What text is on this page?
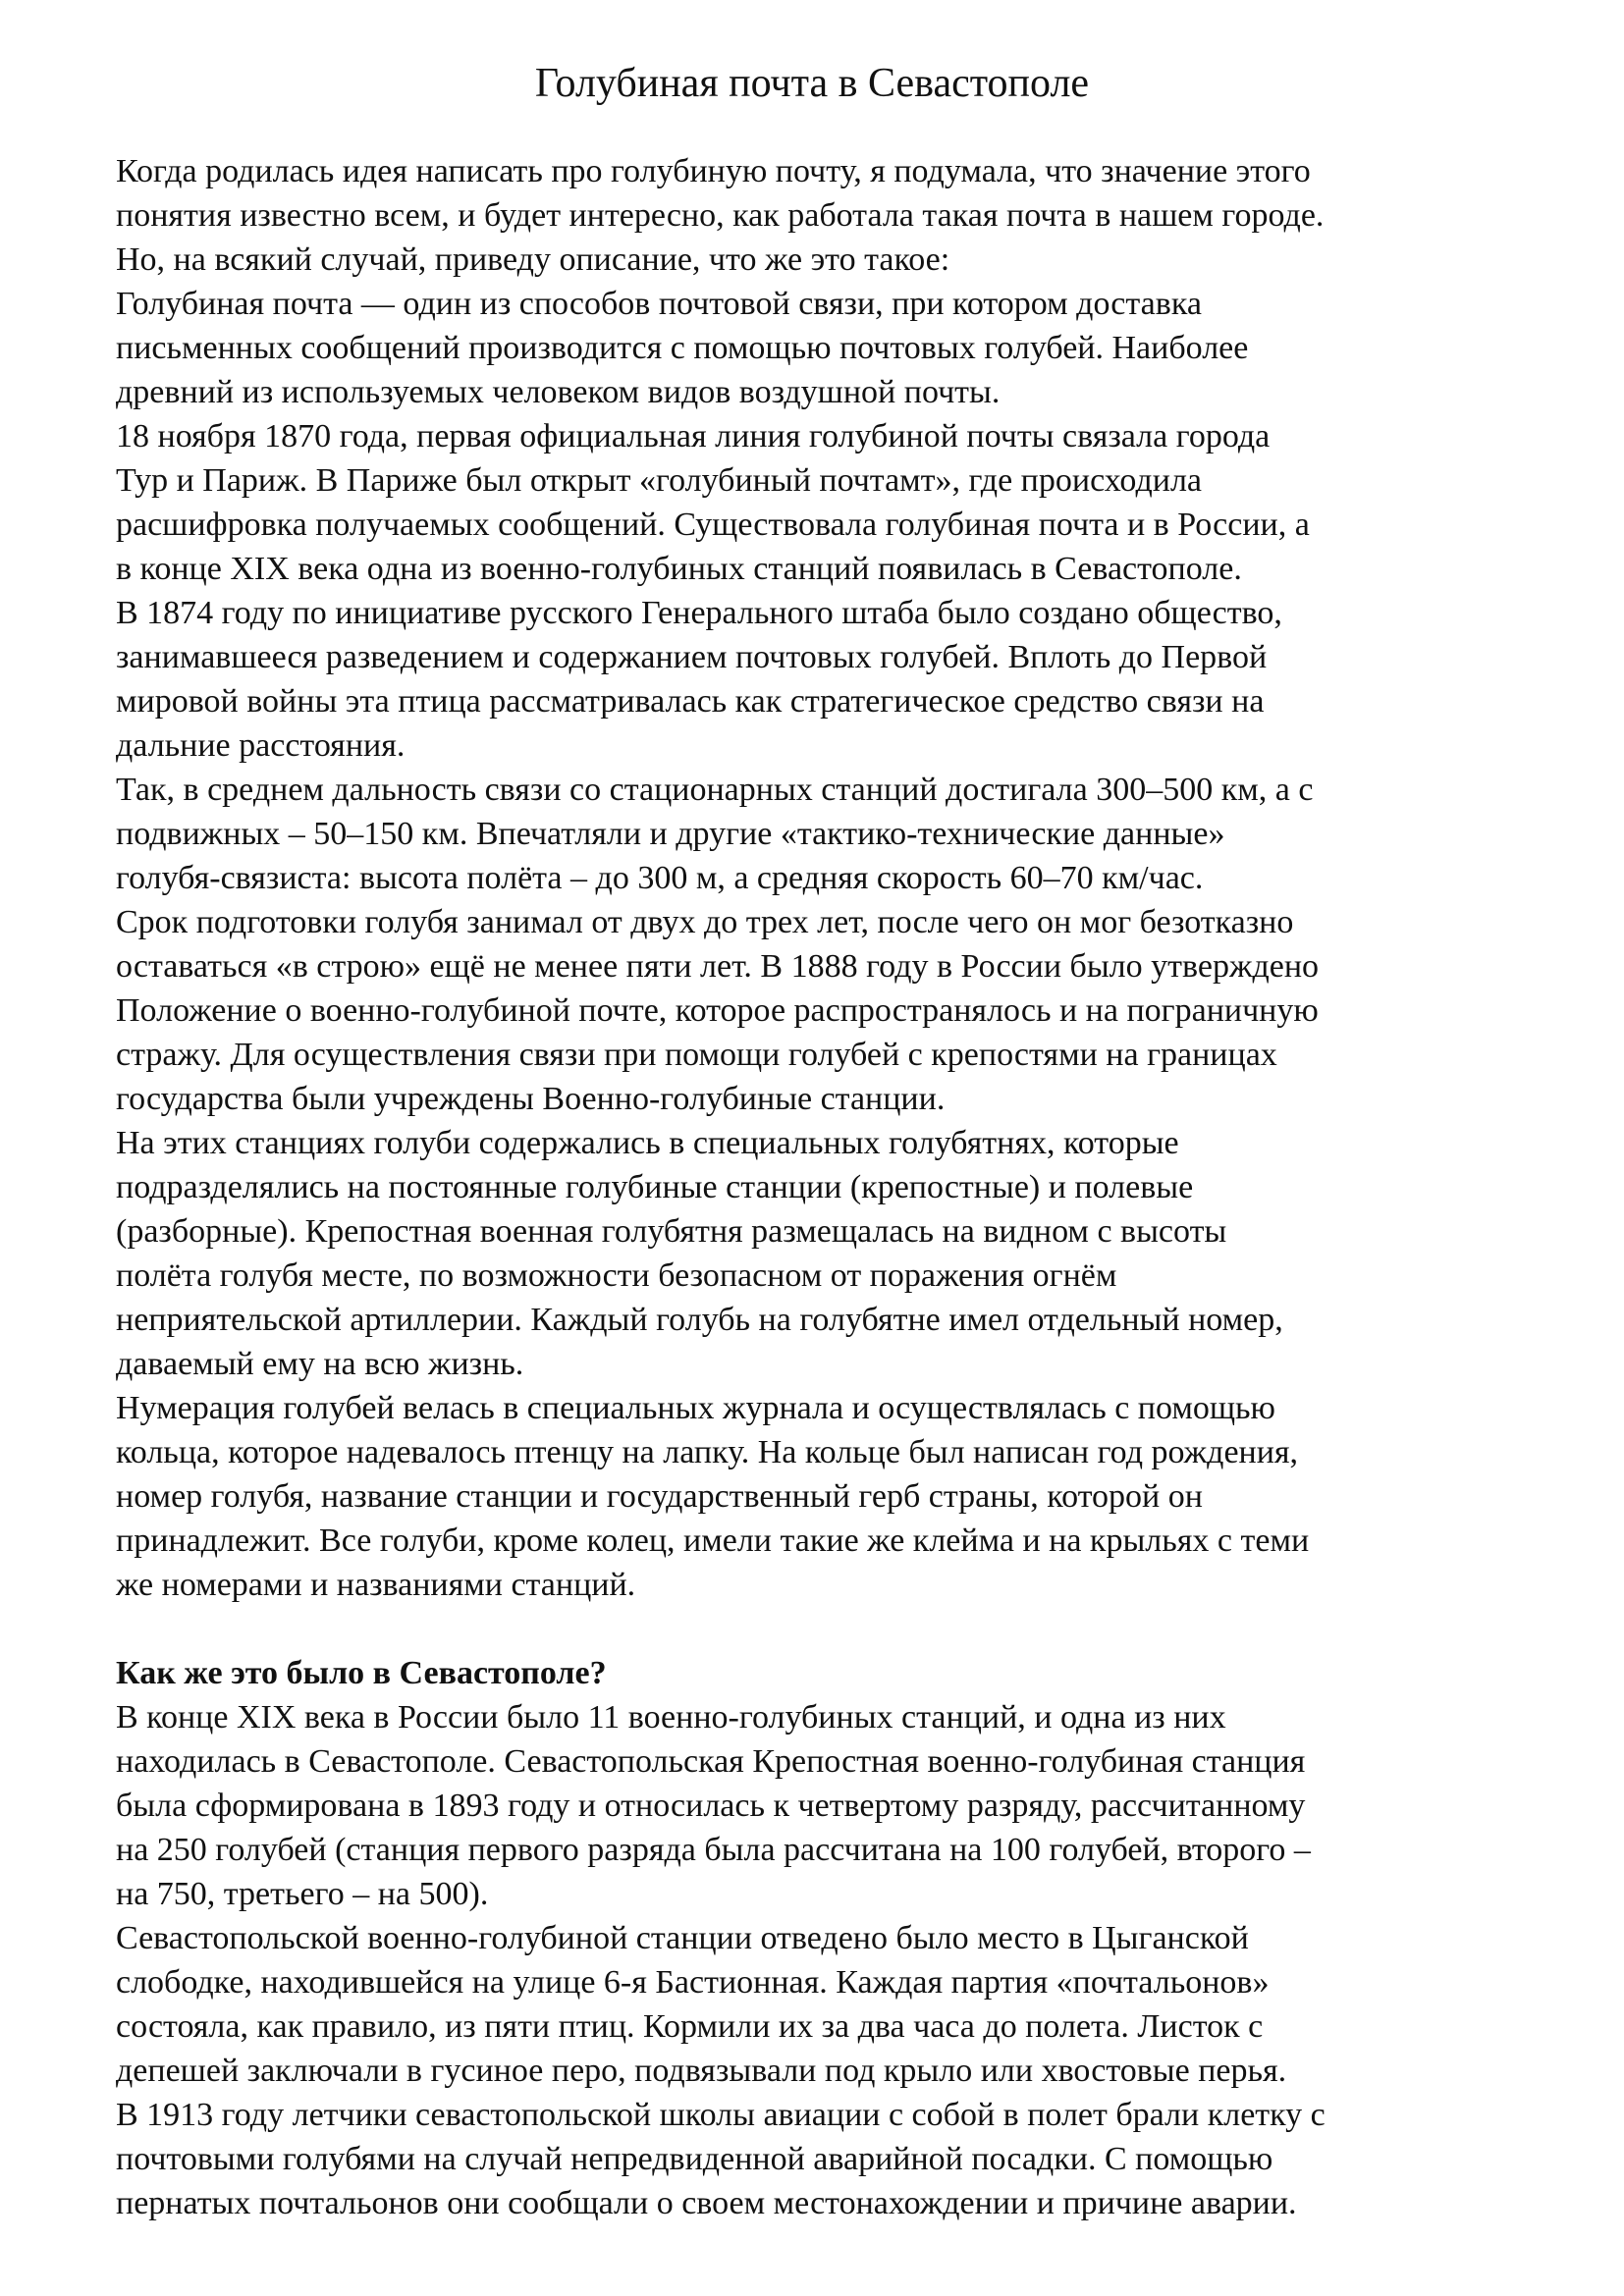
Голубиная почта в Севастополе
Когда родилась идея написать про голубиную почту, я подумала, что значение этого
понятия известно всем, и будет интересно, как работала такая почта в нашем городе.
Но, на всякий случай, приведу описание, что же это такое:
Голубиная почта — один из способов почтовой связи, при котором доставка
письменных сообщений производится с помощью почтовых голубей. Наиболее
древний из используемых человеком видов воздушной почты.
18 ноября 1870 года, первая официальная линия голубиной почты связала города
Тур и Париж. В Париже был открыт «голубиный почтамт», где происходила
расшифровка получаемых сообщений. Существовала голубиная почта и в России, а
в конце XIX века одна из военно-голубиных станций появилась в Севастополе.
В 1874 году по инициативе русского Генерального штаба было создано общество,
занимавшееся разведением и содержанием почтовых голубей. Вплоть до Первой
мировой войны эта птица рассматривалась как стратегическое средство связи на
дальние расстояния.
Так, в среднем дальность связи со стационарных станций достигала 300–500 км, а с
подвижных – 50–150 км. Впечатляли и другие «тактико-технические данные»
голубя-связиста: высота полёта – до 300 м, а средняя скорость 60–70 км/час.
Срок подготовки голубя занимал от двух до трех лет, после чего он мог безотказно
оставаться «в строю» ещё не менее пяти лет. В 1888 году в России было утверждено
Положение о военно-голубиной почте, которое распространялось и на пограничную
стражу. Для осуществления связи при помощи голубей с крепостями на границах
государства были учреждены Военно-голубиные станции.
На этих станциях голуби содержались в специальных голубятнях, которые
подразделялись на постоянные голубиные станции (крепостные) и полевые
(разборные). Крепостная военная голубятня размещалась на видном с высоты
полёта голубя месте, по возможности безопасном от поражения огнём
неприятельской артиллерии. Каждый голубь на голубятне имел отдельный номер,
даваемый ему на всю жизнь.
Нумерация голубей велась в специальных журнала и осуществлялась с помощью
кольца, которое надевалось птенцу на лапку. На кольце был написан год рождения,
номер голубя, название станции и государственный герб страны, которой он
принадлежит. Все голуби, кроме колец, имели такие же клейма и на крыльях с теми
же номерами и названиями станций.
Как же это было в Севастополе?
В конце XIX века в России было 11 военно-голубиных станций, и одна из них
находилась в Севастополе. Севастопольская Крепостная военно-голубиная станция
была сформирована в 1893 году и относилась к четвертому разряду, рассчитанному
на 250 голубей (станция первого разряда была рассчитана на 100 голубей, второго –
на 750, третьего – на 500).
Севастопольской военно-голубиной станции отведено было место в Цыганской
слободке, находившейся на улице 6-я Бастионная. Каждая партия «почтальонов»
состояла, как правило, из пяти птиц. Кормили их за два часа до полета. Листок с
депешей заключали в гусиное перо, подвязывали под крыло или хвостовые перья.
В 1913 году летчики севастопольской школы авиации с собой в полет брали клетку с
почтовыми голубями на случай непредвиденной аварийной посадки. С помощью
пернатых почтальонов они сообщали о своем местонахождении и причине аварии.
